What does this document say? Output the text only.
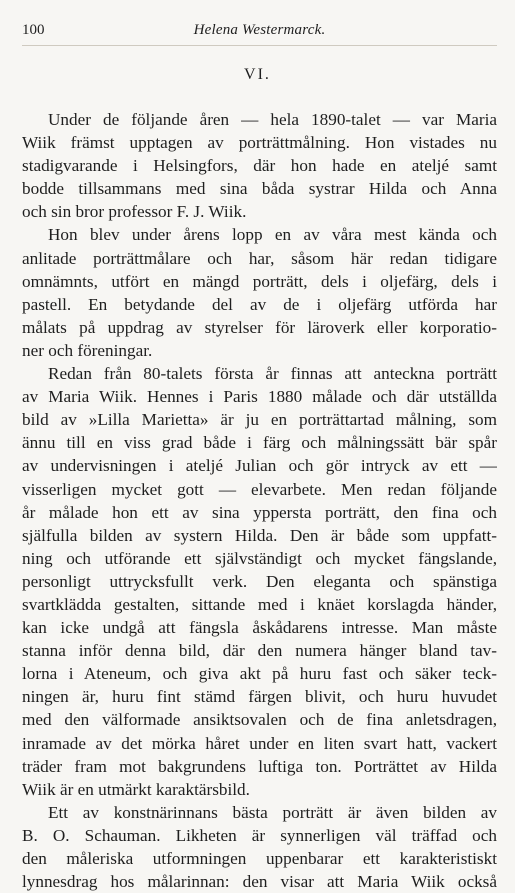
100	Helena Westermarck.
VI.
Under de följande åren — hela 1890-talet — var Maria
Wiik främst upptagen av porträttmålning. Hon vistades nu
stadigvarande i Helsingfors, där hon hade en ateljé samt
bodde tillsammans med sina båda systrar Hilda och Anna
och sin bror professor F. J. Wiik.
Hon blev under årens lopp en av våra mest kända och
anlitade porträttmålare och har, såsom här redan tidigare
omnämnts, utfört en mängd porträtt, dels i oljefärg, dels i
pastell. En betydande del av de i oljefärg utförda har
målats på uppdrag av styrelser för läroverk eller korporatio-
ner och föreningar.
Redan från 80-talets första år finnas att anteckna porträtt
av Maria Wiik. Hennes i Paris 1880 målade och där utställda
bild av »Lilla Marietta» är ju en porträttartad målning, som
ännu till en viss grad både i färg och målningssätt bär spår
av undervisningen i ateljé Julian och gör intryck av ett —
visserligen mycket gott — elevarbete. Men redan följande
år målade hon ett av sina yppersta porträtt, den fina och
själfulla bilden av systern Hilda. Den är både som uppfatt-
ning och utförande ett självständigt och mycket fängslande,
personligt uttrycksfullt verk. Den eleganta och spänstiga
svartklädda gestalten, sittande med i knäet korslagda händer,
kan icke undgå att fängsla åskådarens intresse. Man måste
stanna inför denna bild, där den numera hänger bland tav-
lorna i Ateneum, och giva akt på huru fast och säker teck-
ningen är, huru fint stämd färgen blivit, och huru huvudet
med den välformade ansiktsovalen och de fina anletsdragen,
inramade av det mörka håret under en liten svart hatt, vackert
träder fram mot bakgrundens luftiga ton. Porträttet av Hilda
Wiik är en utmärkt karaktärsbild.
Ett av konstnärinnans bästa porträtt är även bilden av
B. O. Schauman. Likheten är synnerligen väl träffad och
den måleriska utformningen uppenbarar ett karakteristiskt
lynnesdrag hos målarinnan: den visar att Maria Wiik också
